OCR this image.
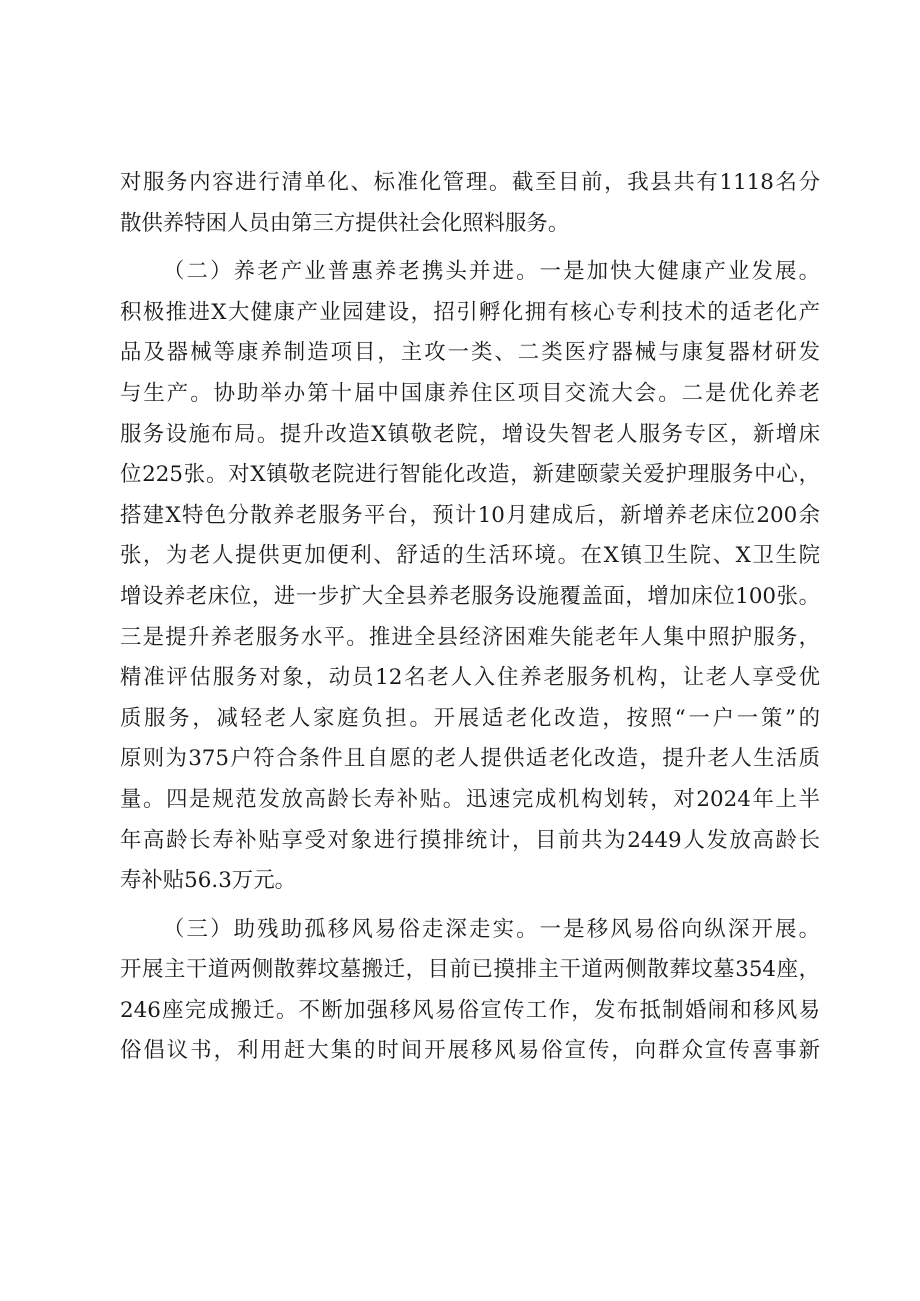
对服务内容进行清单化、标准化管理。截至目前，我县共有1118名分
散供养特困人员由第三方提供社会化照料服务。
（二）养老产业普惠养老携头并进。一是加快大健康产业发展。
积极推进X大健康产业园建设，招引孵化拥有核心专利技术的适老化产
品及器械等康养制造项目，主攻一类、二类医疗器械与康复器材研发
与生产。协助举办第十届中国康养住区项目交流大会。二是优化养老
服务设施布局。提升改造X镇敬老院，增设失智老人服务专区，新增床
位225张。对X镇敬老院进行智能化改造，新建颐蒙关爱护理服务中心，
搭建X特色分散养老服务平台，预计10月建成后，新增养老床位200余
张，为老人提供更加便利、舒适的生活环境。在X镇卫生院、X卫生院
增设养老床位，进一步扩大全县养老服务设施覆盖面，增加床位100张。
三是提升养老服务水平。推进全县经济困难失能老年人集中照护服务，
精准评估服务对象，动员12名老人入住养老服务机构，让老人享受优
质服务，减轻老人家庭负担。开展适老化改造，按照“一户一策”的
原则为375户符合条件且自愿的老人提供适老化改造，提升老人生活质
量。四是规范发放高龄长寿补贴。迅速完成机构划转，对2024年上半
年高龄长寿补贴享受对象进行摸排统计，目前共为2449人发放高龄长
寿补贴56.3万元。
（三）助残助孤移风易俗走深走实。一是移风易俗向纵深开展。
开展主干道两侧散葬坟墓搬迁，目前已摸排主干道两侧散葬坟墓354座，
246座完成搬迁。不断加强移风易俗宣传工作，发布抵制婚闹和移风易
俗倡议书，利用赶大集的时间开展移风易俗宣传，向群众宣传喜事新
